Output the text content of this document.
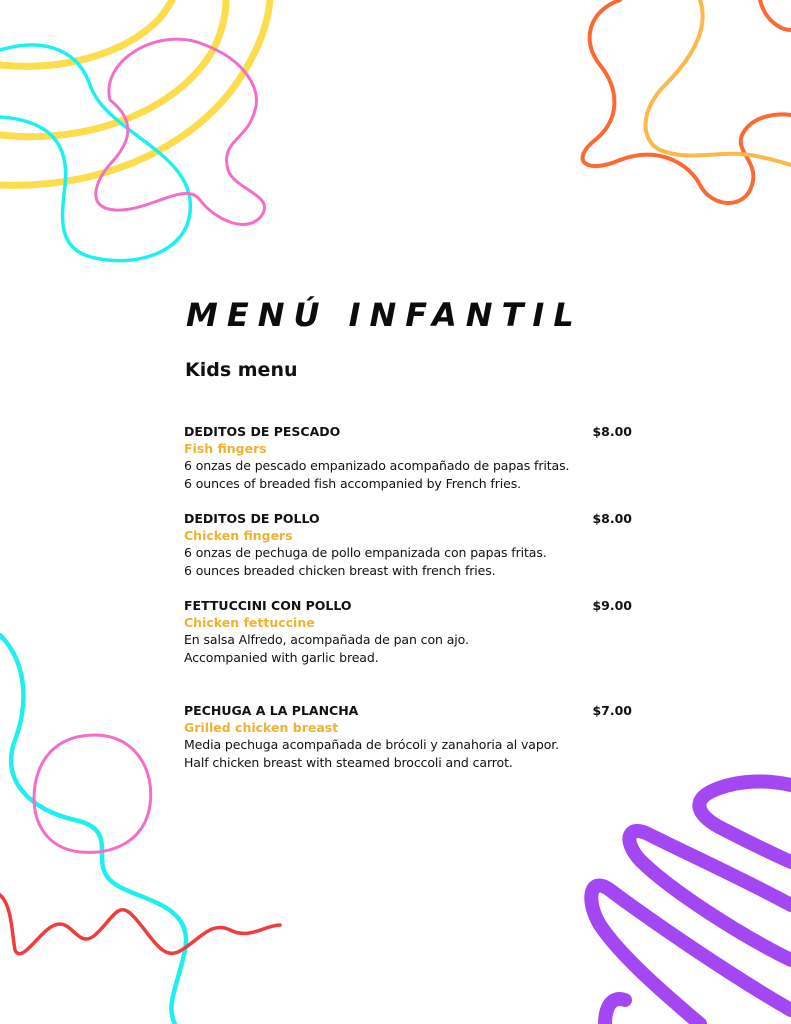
MENÚ INFANTIL
Kids menu
DEDITOS DE PESCADO	$8.00
Fish fingers
6 onzas de pescado empanizado acompañado de papas fritas.
6 ounces of breaded fish accompanied by French fries.
DEDITOS DE POLLO	$8.00
Chicken fingers
6 onzas de pechuga de pollo empanizada con papas fritas.
6 ounces breaded chicken breast with french fries.
FETTUCCINI CON POLLO	$9.00
Chicken fettuccine
En salsa Alfredo, acompañada de pan con ajo.
Accompanied with garlic bread.
PECHUGA A LA PLANCHA	$7.00
Grilled chicken breast
Media pechuga acompañada de brócoli y zanahoria al vapor.
Half chicken breast with steamed broccoli and carrot.
